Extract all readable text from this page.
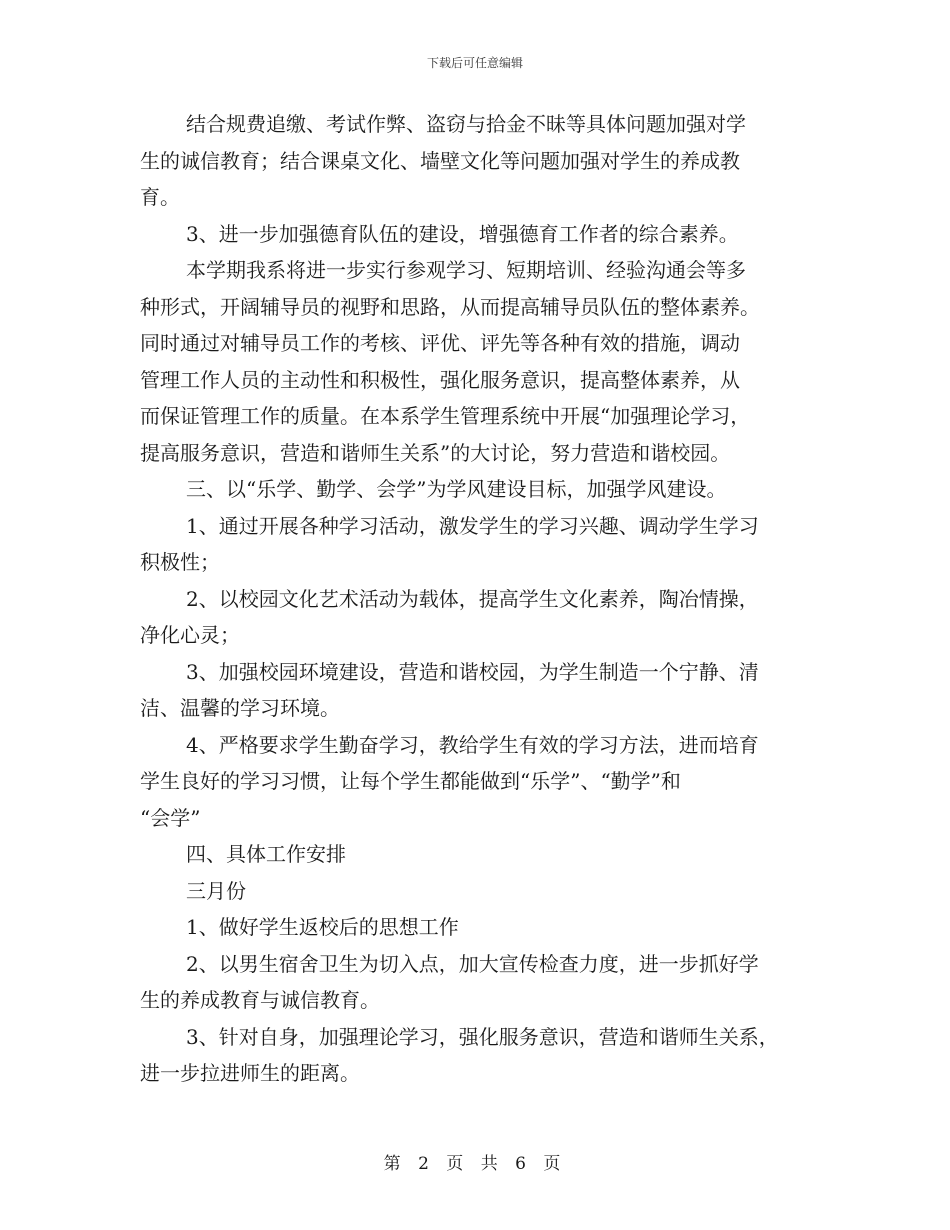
下载后可任意编辑

结合规费追缴、考试作弊、盗窃与拾金不昧等具体问题加强对学
生的诚信教育；结合课桌文化、墙壁文化等问题加强对学生的养成教
育。

3、进一步加强德育队伍的建设，增强德育工作者的综合素养。

本学期我系将进一步实行参观学习、短期培训、经验沟通会等多
种形式，开阔辅导员的视野和思路，从而提高辅导员队伍的整体素养。
同时通过对辅导员工作的考核、评优、评先等各种有效的措施，调动
管理工作人员的主动性和积极性，强化服务意识，提高整体素养，从
而保证管理工作的质量。在本系学生管理系统中开展“加强理论学习，
提高服务意识，营造和谐师生关系”的大讨论，努力营造和谐校园。

三、以“乐学、勤学、会学”为学风建设目标，加强学风建设。

1、通过开展各种学习活动，激发学生的学习兴趣、调动学生学习
积极性；

2、以校园文化艺术活动为载体，提高学生文化素养，陶冶情操，
净化心灵；

3、加强校园环境建设，营造和谐校园，为学生制造一个宁静、清
洁、温馨的学习环境。

4、严格要求学生勤奋学习，教给学生有效的学习方法，进而培育
学生良好的学习习惯，让每个学生都能做到“乐学”、“勤学”和
“会学”

四、具体工作安排

三月份

1、做好学生返校后的思想工作

2、以男生宿舍卫生为切入点，加大宣传检查力度，进一步抓好学
生的养成教育与诚信教育。

3、针对自身，加强理论学习，强化服务意识，营造和谐师生关系，
进一步拉进师生的距离。

第 2 页 共 6 页
